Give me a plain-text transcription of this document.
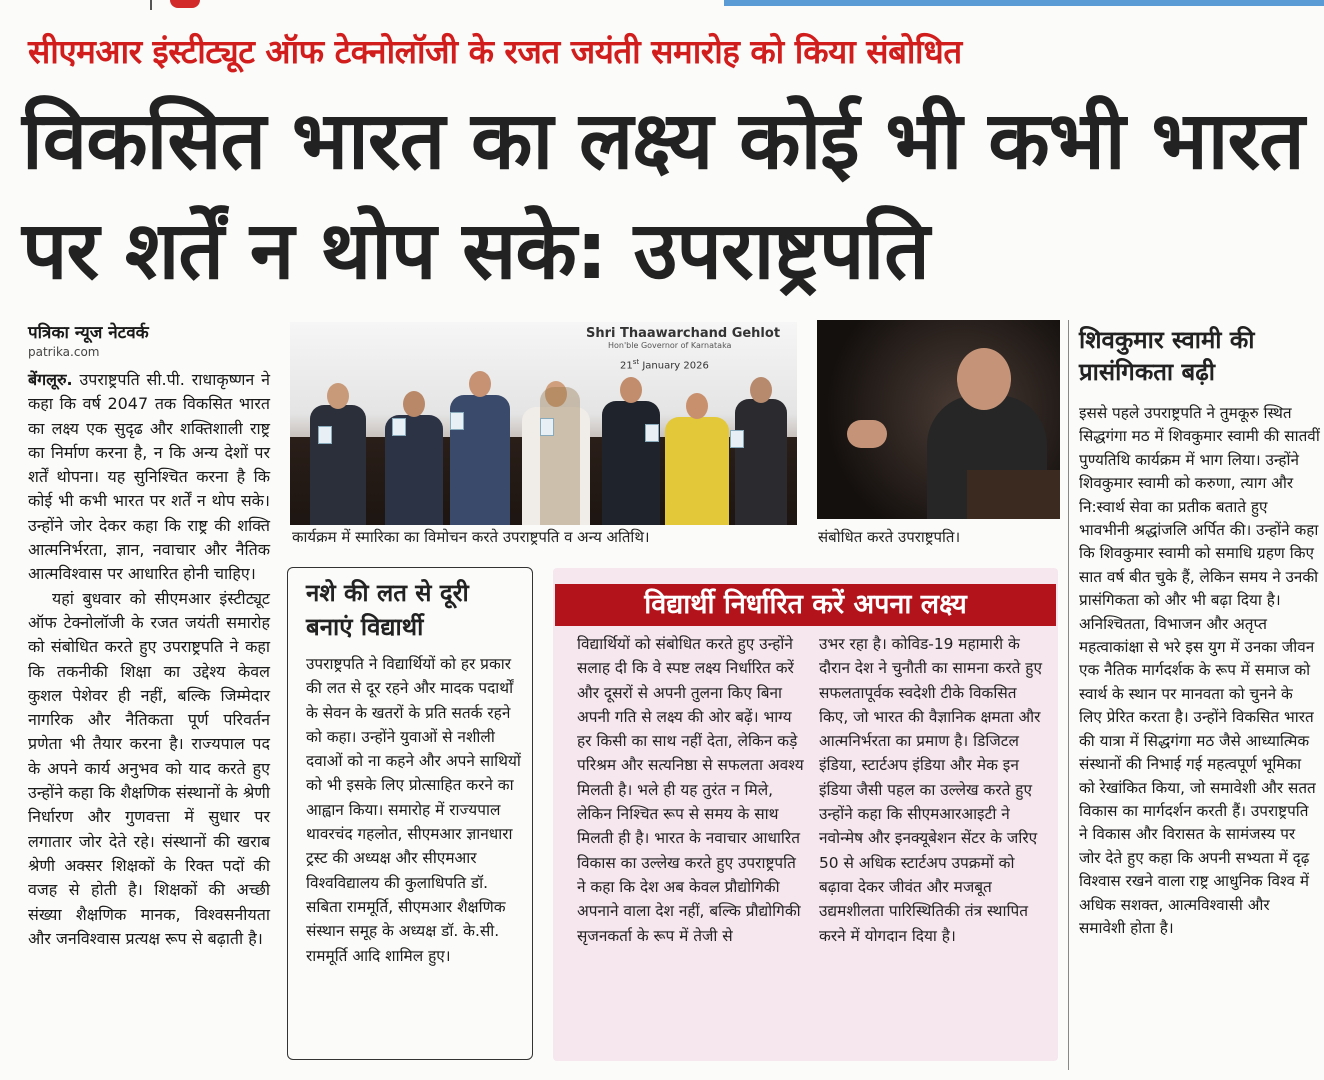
सीएमआर इंस्टीट्यूट ऑफ टेक्नोलॉजी के रजत जयंती समारोह को किया संबोधित
विकसित भारत का लक्ष्य कोई भी कभी भारत पर शर्तें न थोप सके: उपराष्ट्रपति
पत्रिका न्यूज नेटवर्क
patrika.com

बेंगलूरु. उपराष्ट्रपति सी.पी. राधाकृष्णन ने कहा कि वर्ष 2047 तक विकसित भारत का लक्ष्य एक सुदृढ और शक्तिशाली राष्ट्र का निर्माण करना है, न कि अन्य देशों पर शर्तें थोपना। यह सुनिश्चित करना है कि कोई भी कभी भारत पर शर्तें न थोप सके। उन्होंने जोर देकर कहा कि राष्ट्र की शक्ति आत्मनिर्भरता, ज्ञान, नवाचार और नैतिक आत्मविश्वास पर आधारित होनी चाहिए।

यहां बुधवार को सीएमआर इंस्टीट्यूट ऑफ टेक्नोलॉजी के रजत जयंती समारोह को संबोधित करते हुए उपराष्ट्रपति ने कहा कि तकनीकी शिक्षा का उद्देश्य केवल कुशल पेशेवर ही नहीं, बल्कि जिम्मेदार नागरिक और नैतिकता पूर्ण परिवर्तन प्रणेता भी तैयार करना है। राज्यपाल पद के अपने कार्य अनुभव को याद करते हुए उन्होंने कहा कि शैक्षणिक संस्थानों के श्रेणी निर्धारण और गुणवत्ता में सुधार पर लगातार जोर देते रहे। संस्थानों की खराब श्रेणी अक्सर शिक्षकों के रिक्त पदों की वजह से होती है। शिक्षकों की अच्छी संख्या शैक्षणिक मानक, विश्वसनीयता और जनविश्वास प्रत्यक्ष रूप से बढ़ाती है।

Shri Thaawarchand Gehlot
Hon'ble Governor of Karnataka
21st January 2026
कार्यक्रम में स्मारिका का विमोचन करते उपराष्ट्रपति व अन्य अतिथि।	संबोधित करते उपराष्ट्रपति।
शिवकुमार स्वामी की प्रासंगिकता बढ़ी

इससे पहले उपराष्ट्रपति ने तुमकूरु स्थित सिद्धगंगा मठ में शिवकुमार स्वामी की सातवीं पुण्यतिथि कार्यक्रम में भाग लिया। उन्होंने शिवकुमार स्वामी को करुणा, त्याग और नि:स्वार्थ सेवा का प्रतीक बताते हुए भावभीनी श्रद्धांजलि अर्पित की। उन्होंने कहा कि शिवकुमार स्वामी को समाधि ग्रहण किए सात वर्ष बीत चुके हैं, लेकिन समय ने उनकी प्रासंगिकता को और भी बढ़ा दिया है। अनिश्चितता, विभाजन और अतृप्त महत्वाकांक्षा से भरे इस युग में उनका जीवन एक नैतिक मार्गदर्शक के रूप में समाज को स्वार्थ के स्थान पर मानवता को चुनने के लिए प्रेरित करता है। उन्होंने विकसित भारत की यात्रा में सिद्धगंगा मठ जैसे आध्यात्मिक संस्थानों की निभाई गई महत्वपूर्ण भूमिका को रेखांकित किया, जो समावेशी और सतत विकास का मार्गदर्शन करती हैं। उपराष्ट्रपति ने विकास और विरासत के सामंजस्य पर जोर देते हुए कहा कि अपनी सभ्यता में दृढ़ विश्वास रखने वाला राष्ट्र आधुनिक विश्व में अधिक सशक्त, आत्मविश्वासी और समावेशी होता है।

नशे की लत से दूरी बनाएं विद्यार्थी

उपराष्ट्रपति ने विद्यार्थियों को हर प्रकार की लत से दूर रहने और मादक पदार्थों के सेवन के खतरों के प्रति सतर्क रहने को कहा। उन्होंने युवाओं से नशीली दवाओं को ना कहने और अपने साथियों को भी इसके लिए प्रोत्साहित करने का आह्वान किया। समारोह में राज्यपाल थावरचंद गहलोत, सीएमआर ज्ञानधारा ट्रस्ट की अध्यक्ष और सीएमआर विश्वविद्यालय की कुलाधिपति डॉ. सबिता राममूर्ति, सीएमआर शैक्षणिक संस्थान समूह के अध्यक्ष डॉ. के.सी. राममूर्ति आदि शामिल हुए।

विद्यार्थी निर्धारित करें अपना लक्ष्य

विद्यार्थियों को संबोधित करते हुए उन्होंने सलाह दी कि वे स्पष्ट लक्ष्य निर्धारित करें और दूसरों से अपनी तुलना किए बिना अपनी गति से लक्ष्य की ओर बढ़ें। भाग्य हर किसी का साथ नहीं देता, लेकिन कड़े परिश्रम और सत्यनिष्ठा से सफलता अवश्य मिलती है। भले ही यह तुरंत न मिले, लेकिन निश्चित रूप से समय के साथ मिलती ही है। भारत के नवाचार आधारित विकास का उल्लेख करते हुए उपराष्ट्रपति ने कहा कि देश अब केवल प्रौद्योगिकी अपनाने वाला देश नहीं, बल्कि प्रौद्योगिकी सृजनकर्ता के रूप में तेजी से

उभर रहा है। कोविड-19 महामारी के दौरान देश ने चुनौती का सामना करते हुए सफलतापूर्वक स्वदेशी टीके विकसित किए, जो भारत की वैज्ञानिक क्षमता और आत्मनिर्भरता का प्रमाण है। डिजिटल इंडिया, स्टार्टअप इंडिया और मेक इन इंडिया जैसी पहल का उल्लेख करते हुए उन्होंने कहा कि सीएमआरआइटी ने नवोन्मेष और इनक्यूबेशन सेंटर के जरिए 50 से अधिक स्टार्टअप उपक्रमों को बढ़ावा देकर जीवंत और मजबूत उद्यमशीलता पारिस्थितिकी तंत्र स्थापित करने में योगदान दिया है।
